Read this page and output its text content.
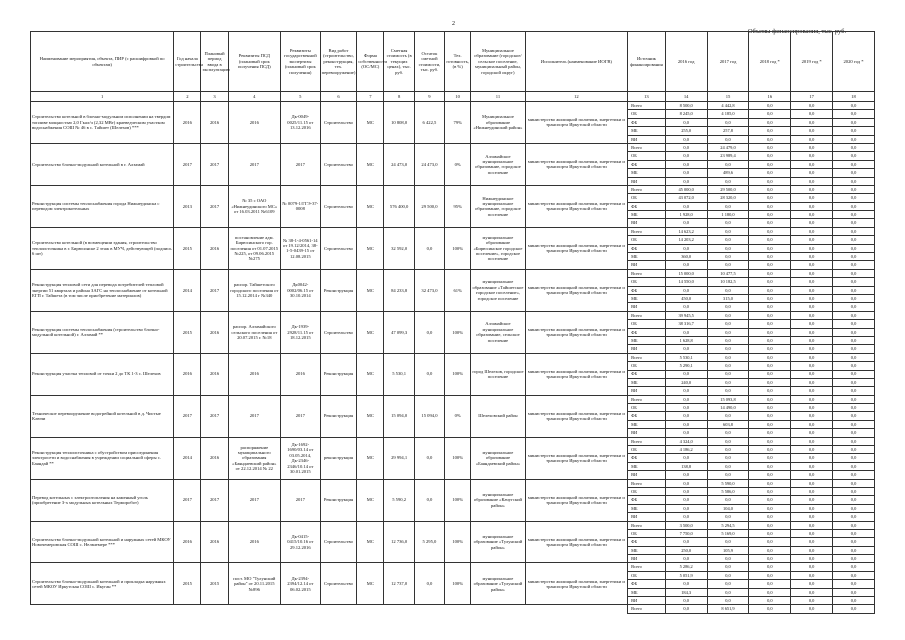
2
Объемы финансирования, тыс. руб.
Наименование мероприятия, объекта, ПИР (с расшифровкой по объектам)	Год начала строительства	Плановый период ввода в эксплуатацию	Реквизиты ПСД (плановый срок получения ПСД)	Реквизиты государственной экспертизы (плановый срок получения)	Вид работ (строительство, реконструкция, тех. перевооружение)	Форма собственности (ОС/МС)	Сметная стоимость (в текущих ценах), тыс. руб.	Остаток сметной стоимости, тыс. руб.	Тех. готовность, (в %)	Муниципальное образование (городское/сельское поселение, муниципальный район, городской округ)	Исполнитель (наименование ИОГВ)	Источник финансирования	2016 год	2017 год	2018 год *	2019 год *	2020 год *
1	2	3	4	5	6	7	8	9	10	11	12	13	14	15	16	17	18
Строительство котельной в блочно-модульном исполнении на твердом топливе мощностью 2,0 Гкал/ч (2,32 МВт) краеведческим участком водоснабжения СОШ № 46 в с. Тайшет (Шелехов) ***	2016	2016	2016	Дк-0049-0025/11.15 от 13.12.2016	Строительство	МС	10 808,0	6 422,5	79%	Муниципальное образование «Нижнеудинский район»	министерство жилищной политики, энергетики и транспорта Иркутской области	Всего	8 500,0	4 442,8	0,0	0,0	0,0
												ОБ	8 245,0	4 185,0	0,0	0,0	0,0
												ФБ	0,0	0,0	0,0	0,0	0,0
												МБ	255,0	257,8	0,0	0,0	0,0
												ВИ	0,0	0,0	0,0	0,0	0,0
Строительство блочно-модульной котельной в г. Алзамай	2017	2017	2017	2017	Строительство	МС	24 473,0	24 473,0	0%	Алзамайское муниципальное образование, городское поселение	министерство жилищной политики, энергетики и транспорта Иркутской области	Всего	0,0	24 479,0	0,0	0,0	0,0
												ОБ	0,0	23 989,4	0,0	0,0	0,0
												ФБ	0,0	0,0	0,0	0,0	0,0
												МБ	0,0	489,6	0,0	0,0	0,0
												ВИ	0,0	0,0	0,0	0,0	0,0
Реконструкция системы теплоснабжения города Нижнеудинска с переводом электрокотельных	2013	2017	№ 35 с ОАО «Нижнеудинского МС» от 16.03.2011 №6109	№ 0079-1/ГГЭ-37-0008	Строительство	МС	576 400,0	29 500,0	95%	Нижнеудинское муниципальное образование, городское поселение	министерство жилищной политики, энергетики и транспорта Иркутской области	Всего	45 000,0	29 500,0	0,0	0,0	0,0
												ОБ	43 072,0	28 320,0	0,0	0,0	0,0
												ФБ	0,0	0,0	0,0	0,0	0,0
												МБ	1 928,0	1 180,0	0,0	0,0	0,0
												ВИ	0,0	0,0	0,0	0,0	0,0
Строительство котельной (в возмещении здания, строительство теплоисточника в г. Бирюсинске 2 этаж в МУЧ, действующей (подпись 6 шт)	2015	2016	постановление адм. Бирюсинского гор. поселения от 01.07.2015 №225, от 09.06.2015 №275	№ 38-1-4-0561-14 от 19.12/2014, 38-1-5-0439-15 от 12.08.2015	Строительство	МС	32 592,0	0,0	100%	муниципальное образование «Бирюсинское городское поселение», городское поселение	министерство жилищной политики, энергетики и транспорта Иркутской области	Всего	14 623,2	0,0	0,0	0,0	0,0
												ОБ	14 203,2	0,0	0,0	0,0	0,0
												ФБ	0,0	0,0	0,0	0,0	0,0
												МБ	360,0	0,0	0,0	0,0	0,0
												ВИ	0,0	0,0	0,0	0,0	0,0
Реконструкция тепловой сети для перевода потребителей тепловой энергии 51 квартала и района ЗАГС на теплоснабжение от котельной ЕГП г. Тайшета (в том числе приобретение материалов)	2014	2017	распор. Тайшетского городского поселения от 15.12.2014 г №340	Дк0042-0002/06.15 от 30.10.2014	Реконструкция	МС	84 233,8	32 473,0	61%	муниципальное образование «Тайшетское городское поселение», городское поселение	министерство жилищной политики, энергетики и транспорта Иркутской области	Всего	15 000,0	10 477,5	0,0	0,0	0,0
												ОБ	14 550,0	10 182,5	0,0	0,0	0,0
												ФБ	0,0	0,0	0,0	0,0	0,0
												МБ	450,0	315,0	0,0	0,0	0,0
												ВИ	0,0	0,0	0,0	0,0	0,0
Реконструкция системы теплоснабжения (строительство блочно-модульной котельной) г. Алзамай **	2015	2016	распор. Алзамайского сельского поселения от 20.07.2015 г. №18	Дк-1939-2928/11.15 от 18.12.2015	Строительство	МС	47 099,3	0,0	100%	Алзамайское муниципальное образование, сельское поселение	министерство жилищной политики, энергетики и транспорта Иркутской области	Всего	39 945,5	0,0	0,0	0,0	0,0
												ОБ	38 316,7	0,0	0,0	0,0	0,0
												ФБ	0,0	0,0	0,0	0,0	0,0
												МБ	1 628,8	0,0	0,0	0,0	0,0
												ВИ	0,0	0,0	0,0	0,0	0,0
Реконструкция участка тепловой от точки 2 до ТК 1-3 с. Шелехов	2016	2016	2016	2016	Реконструкция	МС	5 530,1	0,0	100%	город Шелехов, городское поселение	министерство жилищной политики, энергетики и транспорта Иркутской области	Всего	5 530,1	0,0	0,0	0,0	0,0
												ОБ	5 290,1	0,0	0,0	0,0	0,0
												ФБ	0,0	0,0	0,0	0,0	0,0
												МБ	240,0	0,0	0,0	0,0	0,0
												ВИ	0,0	0,0	0,0	0,0	0,0
Техническое перевооружение водогрейной котельной в д. Чистые Ключи	2017	2017	2017	2017	Реконструкция	МС	15 094,0	15 094,0	0%	Шелеховский район	министерство жилищной политики, энергетики и транспорта Иркутской области	Всего	0,0	15 093,8	0,0	0,0	0,0
												ОБ	0,0	14 490,0	0,0	0,0	0,0
												ФБ	0,0	0,0	0,0	0,0	0,0
												МБ	0,0	603,8	0,0	0,0	0,0
												ВИ	0,0	0,0	0,0	0,0	0,0
Реконструкция теплоисточника с обустройством присоединения электросети и водоснабжения в учреждении социальной сферы с. Баяндай **	2014	2016	распоряжение муниципального образования «Баяндаевский район» от 22.12.2014 № 22	Дк-1692-1690/03.14 от 03.05.2014, Дк-2346-2346/10.14 от 30.01.2015	реконструкция	МС	29 994,1	0,0	100%	муниципальное образование «Баяндаевский район»	министерство жилищной политики, энергетики и транспорта Иркутской области	Всего	4 324,0	0,0	0,0	0,0	0,0
												ОБ	4 186,2	0,0	0,0	0,0	0,0
												ФБ	0,0	0,0	0,0	0,0	0,0
												МБ	138,8	0,0	0,0	0,0	0,0
												ВИ	0,0	0,0	0,0	0,0	0,0
Перевод котельных с электроотопления на каменный уголь (приобретение 3-х модульных котельных Терморобот)	2017	2017	2017	2017	Реконструкция	МС	5 590,2	0,0	100%	муниципальное образование «Качугский район»	министерство жилищной политики, энергетики и транспорта Иркутской области	Всего	0,0	5 590,0	0,0	0,0	0,0
												ОБ	0,0	5 586,0	0,0	0,0	0,0
												ФБ	0,0	0,0	0,0	0,0	0,0
												МБ	0,0	104,0	0,0	0,0	0,0
												ВИ	0,0	0,0	0,0	0,0	0,0
Строительство блочно-модульной котельной и наружных сетей МКОУ Новочемеровская СОШ с. Нельчемере ***	2016	2016	2016	Дк-0415-0415/10.16 от 29.12.2016	Строительство	МС	12 736,0	5 295,0	100%	муниципальное образование «Тулунский район»	министерство жилищной политики, энергетики и транспорта Иркутской области	Всего	3 500,0	5 294,5	0,0	0,0	0,0
												ОБ	7 750,0	5 169,0	0,0	0,0	0,0
												ФБ	0,0	0,0	0,0	0,0	0,0
												МБ	250,0	105,9	0,0	0,0	0,0
												ВИ	0,0	0,0	0,0	0,0	0,0
Строительство блочно-модульной котельной и прокладка наружных сетей МКОУ Иркутская СОШ с. Икуган **	2015	2015	пост. МО "Тулунский район" от 20.11.2015 №896	Дк-2394-2394/12.14 от 06.02.2015	Строительство	МС	12 737,0	0,0	100%	муниципальное образование «Тулунский район»	министерство жилищной политики, энергетики и транспорта Иркутской области	Всего	5 286,2	0,0	0,0	0,0	0,0
												ОБ	5 051,9	0,0	0,0	0,0	0,0
												ФБ	0,0	0,0	0,0	0,0	0,0
												МБ	184,3	0,0	0,0	0,0	0,0
												ВИ	0,0	0,0	0,0	0,0	0,0
												Всего	0,0	8 651,9	0,0	0,0	0,0
